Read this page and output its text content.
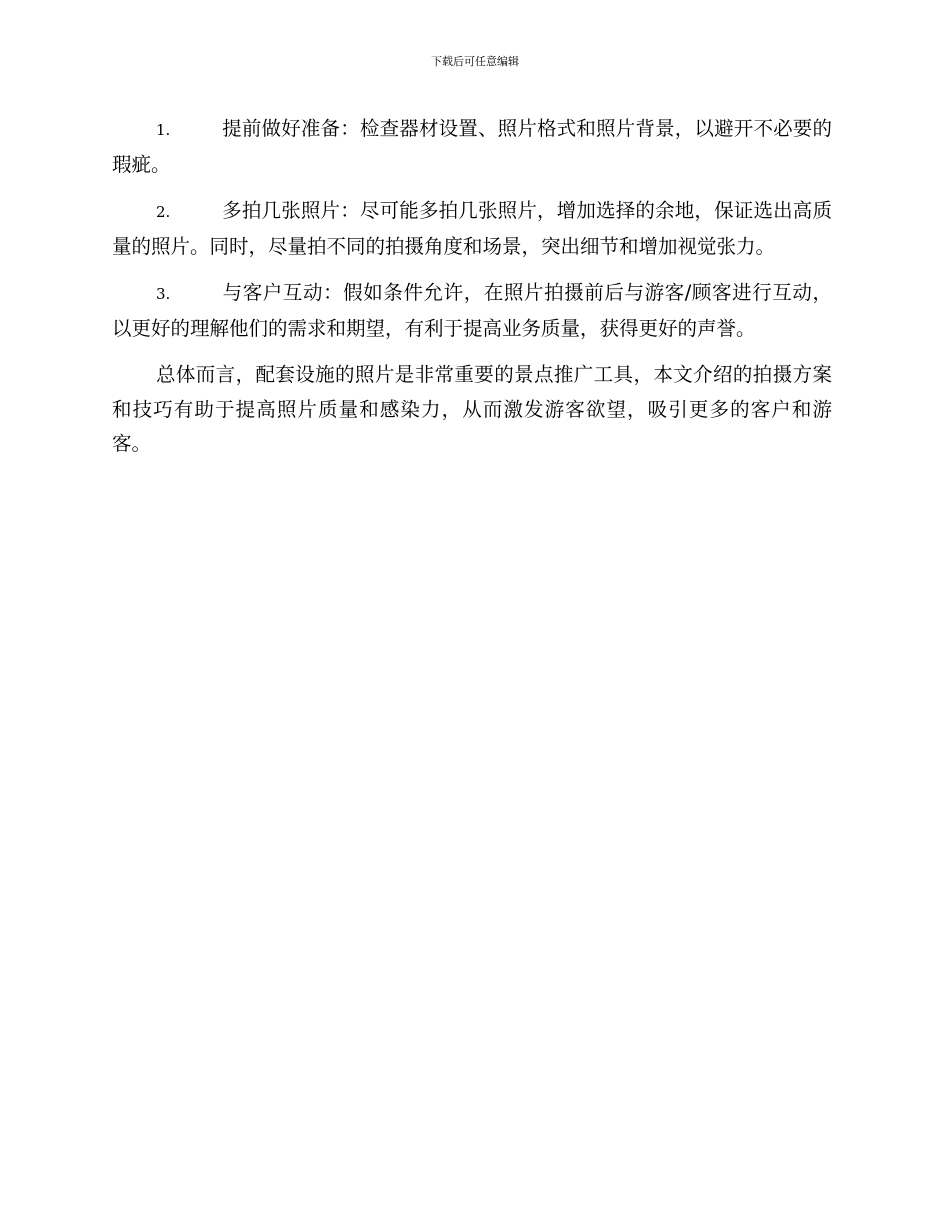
下载后可任意编辑

1.	提前做好准备：检查器材设置、照片格式和照片背景，以避开不必要的瑕疵。

2.	多拍几张照片：尽可能多拍几张照片，增加选择的余地，保证选出高质量的照片。同时，尽量拍不同的拍摄角度和场景，突出细节和增加视觉张力。

3.	与客户互动：假如条件允许，在照片拍摄前后与游客/顾客进行互动，以更好的理解他们的需求和期望，有利于提高业务质量，获得更好的声誉。

总体而言，配套设施的照片是非常重要的景点推广工具，本文介绍的拍摄方案和技巧有助于提高照片质量和感染力，从而激发游客欲望，吸引更多的客户和游客。
